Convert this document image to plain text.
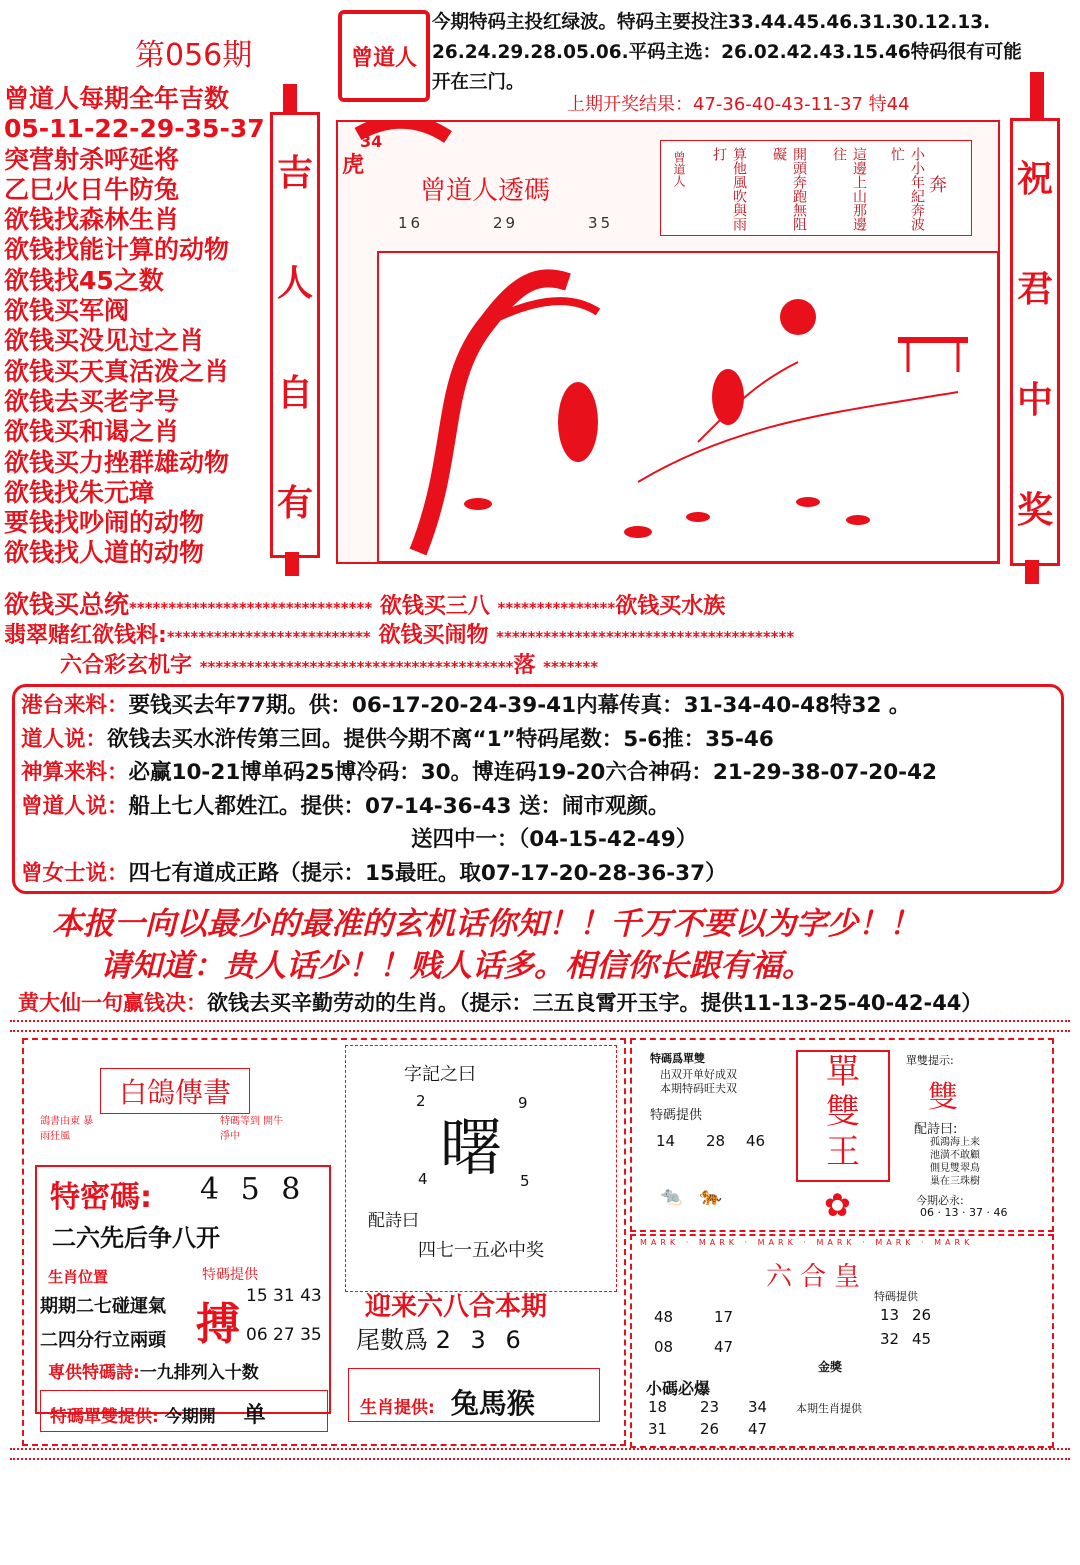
第056期	曾道人
今期特码主投红绿波。特码主要投注33.44.45.46.31.30.12.13.
26.24.29.28.05.06.平码主选：26.02.42.43.15.46特码很有可能
开在三门。
上期开奖结果：47-36-40-43-11-37 特44
曾道人每期全年吉数
05-11-22-29-35-37
突营射杀呼延将
乙巳火日牛防兔
欲钱找森林生肖
欲钱找能计算的动物
欲钱找45之数
欲钱买军阀
欲钱买没见过之肖
欲钱买天真活泼之肖
欲钱去买老字号
欲钱买和谒之肖
欲钱买力挫群雄动物
欲钱找朱元璋
要钱找吵闹的动物
欲钱找人道的动物
吉
人
自
有
祝
君
中
奖
34
虎
曾道人透碼
16	29	35
曾道人	算他風吹與雨打	開頭奔跑無阻礙	這邊上山那邊往	小小年紀奔波忙
奔
欲钱买总统******************************* 欲钱买三八 ***************欲钱买水族
翡翠赌红欲钱料:************************** 欲钱买闹物 **************************************
六合彩玄机字 ****************************************落 *******
港台来料：要钱买去年77期。供：06-17-20-24-39-41内幕传真：31-34-40-48特32 。
道人说：欲钱去买水浒传第三回。提供今期不离“1”特码尾数：5-6推：35-46
神算来料：必赢10-21博单码25博冷码：30。博连码19-20六合神码：21-29-38-07-20-42
曾道人说：船上七人都姓江。提供：07-14-36-43 送：闹市观颜。
送四中一：（04-15-42-49）
曾女士说：四七有道成正路（提示：15最旺。取07-17-20-28-36-37）
本报一向以最少的最准的玄机话你知！！千万不要以为字少！！
请知道：贵人话少！！贱人话多。相信你长跟有福。
黄大仙一句赢钱决：欲钱去买辛勤劳动的生肖。（提示：三五良霄开玉宇。提供11-13-25-40-42-44）
白鴿傳書
鴿書由東 暴雨狂風
特碼等到 開牛淨中
特密碼: 4 5 8
二六先后争八开
生肖位置
期期二七碰運氣
二四分行立兩頭
特碼提供
搏
15 31 43
06 27 35
専供特碼詩:一九排列入十数
特碼單雙提供: 今期開 单
字記之曰
2	9
曙
4	5
配詩曰
四七一五必中奖
迎来六八合本期
尾數爲 2 3 6
生肖提供: 兔馬猴
特碼爲單雙
出双开单好成双
本期特码旺夫双
特碼提供
14 28 46
🐀   🐅
單
雙
王
✿
單雙提示:
雙
配詩曰:
孤鴻海上来
池潢不敢顧
側見雙翠鳥
巢在三珠樹
今期必永:
06 · 13 · 37 · 46
MARK · MARK · MARK · MARK · MARK · MARK
六合皇
特碼提供
48	17
08	47
13 26
32 45
金獎
小碼必爆
18 23 34
31 26 47
本期生肖提供
